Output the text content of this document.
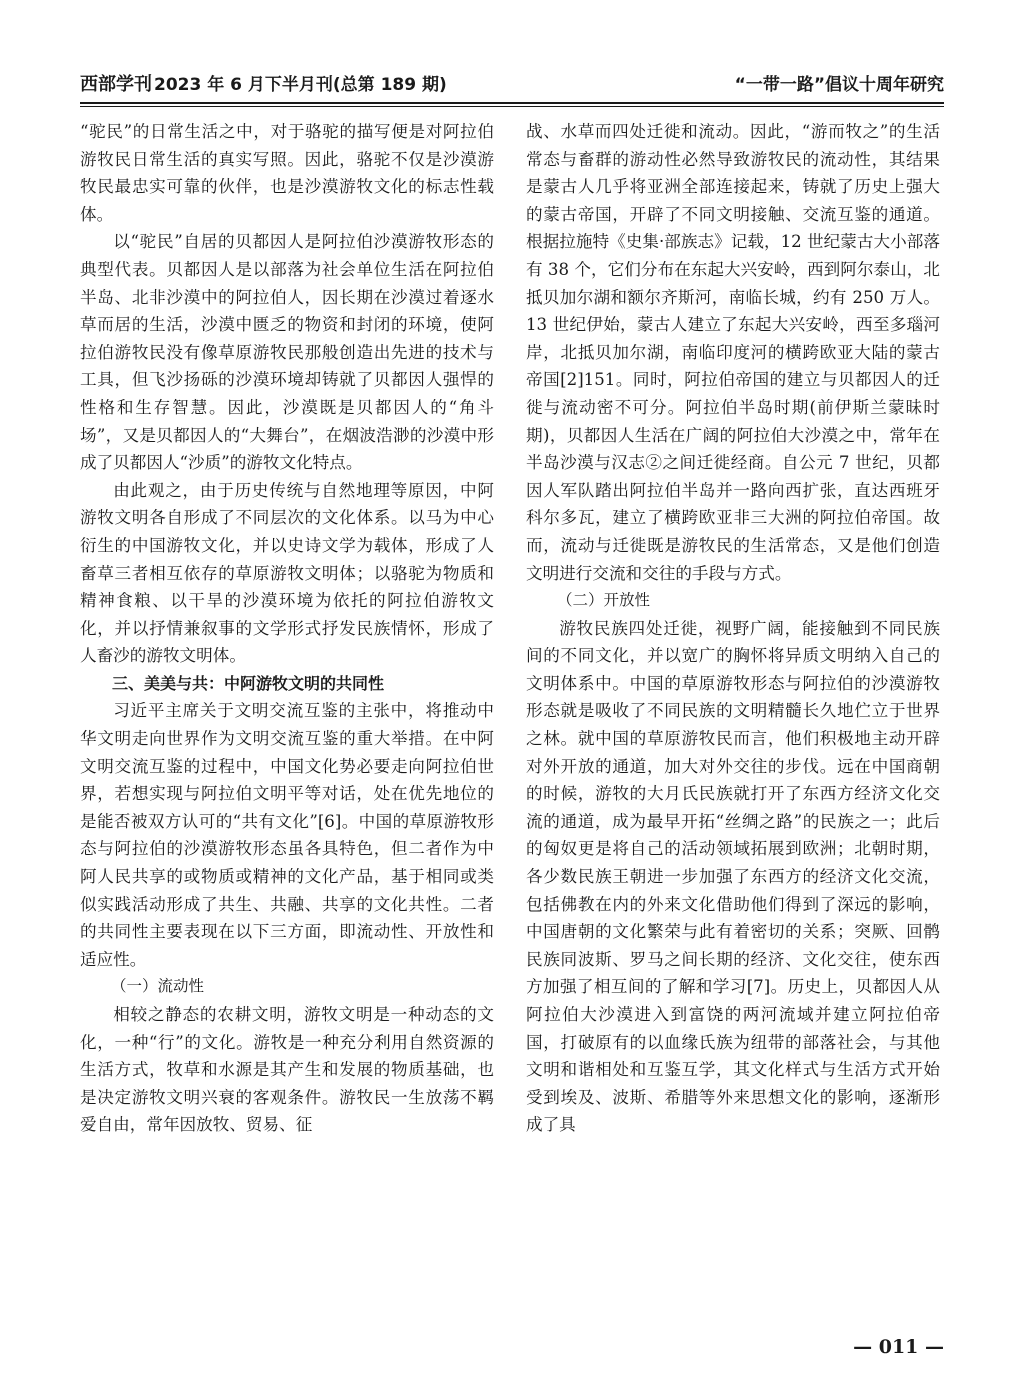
西部学刊 2023 年 6 月下半月刊(总第 189 期)	“一带一路”倡议十周年研究

“驼民”的日常生活之中，对于骆驼的描写便是对阿拉伯游牧民日常生活的真实写照。因此，骆驼不仅是沙漠游牧民最忠实可靠的伙伴，也是沙漠游牧文化的标志性载体。

以“驼民”自居的贝都因人是阿拉伯沙漠游牧形态的典型代表。贝都因人是以部落为社会单位生活在阿拉伯半岛、北非沙漠中的阿拉伯人，因长期在沙漠过着逐水草而居的生活，沙漠中匮乏的物资和封闭的环境，使阿拉伯游牧民没有像草原游牧民那般创造出先进的技术与工具，但飞沙扬砾的沙漠环境却铸就了贝都因人强悍的性格和生存智慧。因此，沙漠既是贝都因人的“角斗场”，又是贝都因人的“大舞台”，在烟波浩渺的沙漠中形成了贝都因人“沙质”的游牧文化特点。

由此观之，由于历史传统与自然地理等原因，中阿游牧文明各自形成了不同层次的文化体系。以马为中心衍生的中国游牧文化，并以史诗文学为载体，形成了人畜草三者相互依存的草原游牧文明体；以骆驼为物质和精神食粮、以干旱的沙漠环境为依托的阿拉伯游牧文化，并以抒情兼叙事的文学形式抒发民族情怀，形成了人畜沙的游牧文明体。

三、美美与共：中阿游牧文明的共同性

习近平主席关于文明交流互鉴的主张中，将推动中华文明走向世界作为文明交流互鉴的重大举措。在中阿文明交流互鉴的过程中，中国文化势必要走向阿拉伯世界，若想实现与阿拉伯文明平等对话，处在优先地位的是能否被双方认可的“共有文化”[6]。中国的草原游牧形态与阿拉伯的沙漠游牧形态虽各具特色，但二者作为中阿人民共享的或物质或精神的文化产品，基于相同或类似实践活动形成了共生、共融、共享的文化共性。二者的共同性主要表现在以下三方面，即流动性、开放性和适应性。

（一）流动性

相较之静态的农耕文明，游牧文明是一种动态的文化，一种“行”的文化。游牧是一种充分利用自然资源的生活方式，牧草和水源是其产生和发展的物质基础，也是决定游牧文明兴衰的客观条件。游牧民一生放荡不羁爱自由，常年因放牧、贸易、征

战、水草而四处迁徙和流动。因此，“游而牧之”的生活常态与畜群的游动性必然导致游牧民的流动性，其结果是蒙古人几乎将亚洲全部连接起来，铸就了历史上强大的蒙古帝国，开辟了不同文明接触、交流互鉴的通道。根据拉施特《史集·部族志》记载，12 世纪蒙古大小部落有 38 个，它们分布在东起大兴安岭，西到阿尔泰山，北抵贝加尔湖和额尔齐斯河，南临长城，约有 250 万人。13 世纪伊始，蒙古人建立了东起大兴安岭，西至多瑙河岸，北抵贝加尔湖，南临印度河的横跨欧亚大陆的蒙古帝国[2]151。同时，阿拉伯帝国的建立与贝都因人的迁徙与流动密不可分。阿拉伯半岛时期(前伊斯兰蒙昧时期)，贝都因人生活在广阔的阿拉伯大沙漠之中，常年在半岛沙漠与汉志②之间迁徙经商。自公元 7 世纪，贝都因人军队踏出阿拉伯半岛并一路向西扩张，直达西班牙科尔多瓦，建立了横跨欧亚非三大洲的阿拉伯帝国。故而，流动与迁徙既是游牧民的生活常态，又是他们创造文明进行交流和交往的手段与方式。

（二）开放性

游牧民族四处迁徙，视野广阔，能接触到不同民族间的不同文化，并以宽广的胸怀将异质文明纳入自己的文明体系中。中国的草原游牧形态与阿拉伯的沙漠游牧形态就是吸收了不同民族的文明精髓长久地伫立于世界之林。就中国的草原游牧民而言，他们积极地主动开辟对外开放的通道，加大对外交往的步伐。远在中国商朝的时候，游牧的大月氏民族就打开了东西方经济文化交流的通道，成为最早开拓“丝绸之路”的民族之一；此后的匈奴更是将自己的活动领域拓展到欧洲；北朝时期，各少数民族王朝进一步加强了东西方的经济文化交流，包括佛教在内的外来文化借助他们得到了深远的影响，中国唐朝的文化繁荣与此有着密切的关系；突厥、回鹘民族同波斯、罗马之间长期的经济、文化交往，使东西方加强了相互间的了解和学习[7]。历史上，贝都因人从阿拉伯大沙漠进入到富饶的两河流域并建立阿拉伯帝国，打破原有的以血缘氏族为纽带的部落社会，与其他文明和谐相处和互鉴互学，其文化样式与生活方式开始受到埃及、波斯、希腊等外来思想文化的影响，逐渐形成了具

— 011 —
